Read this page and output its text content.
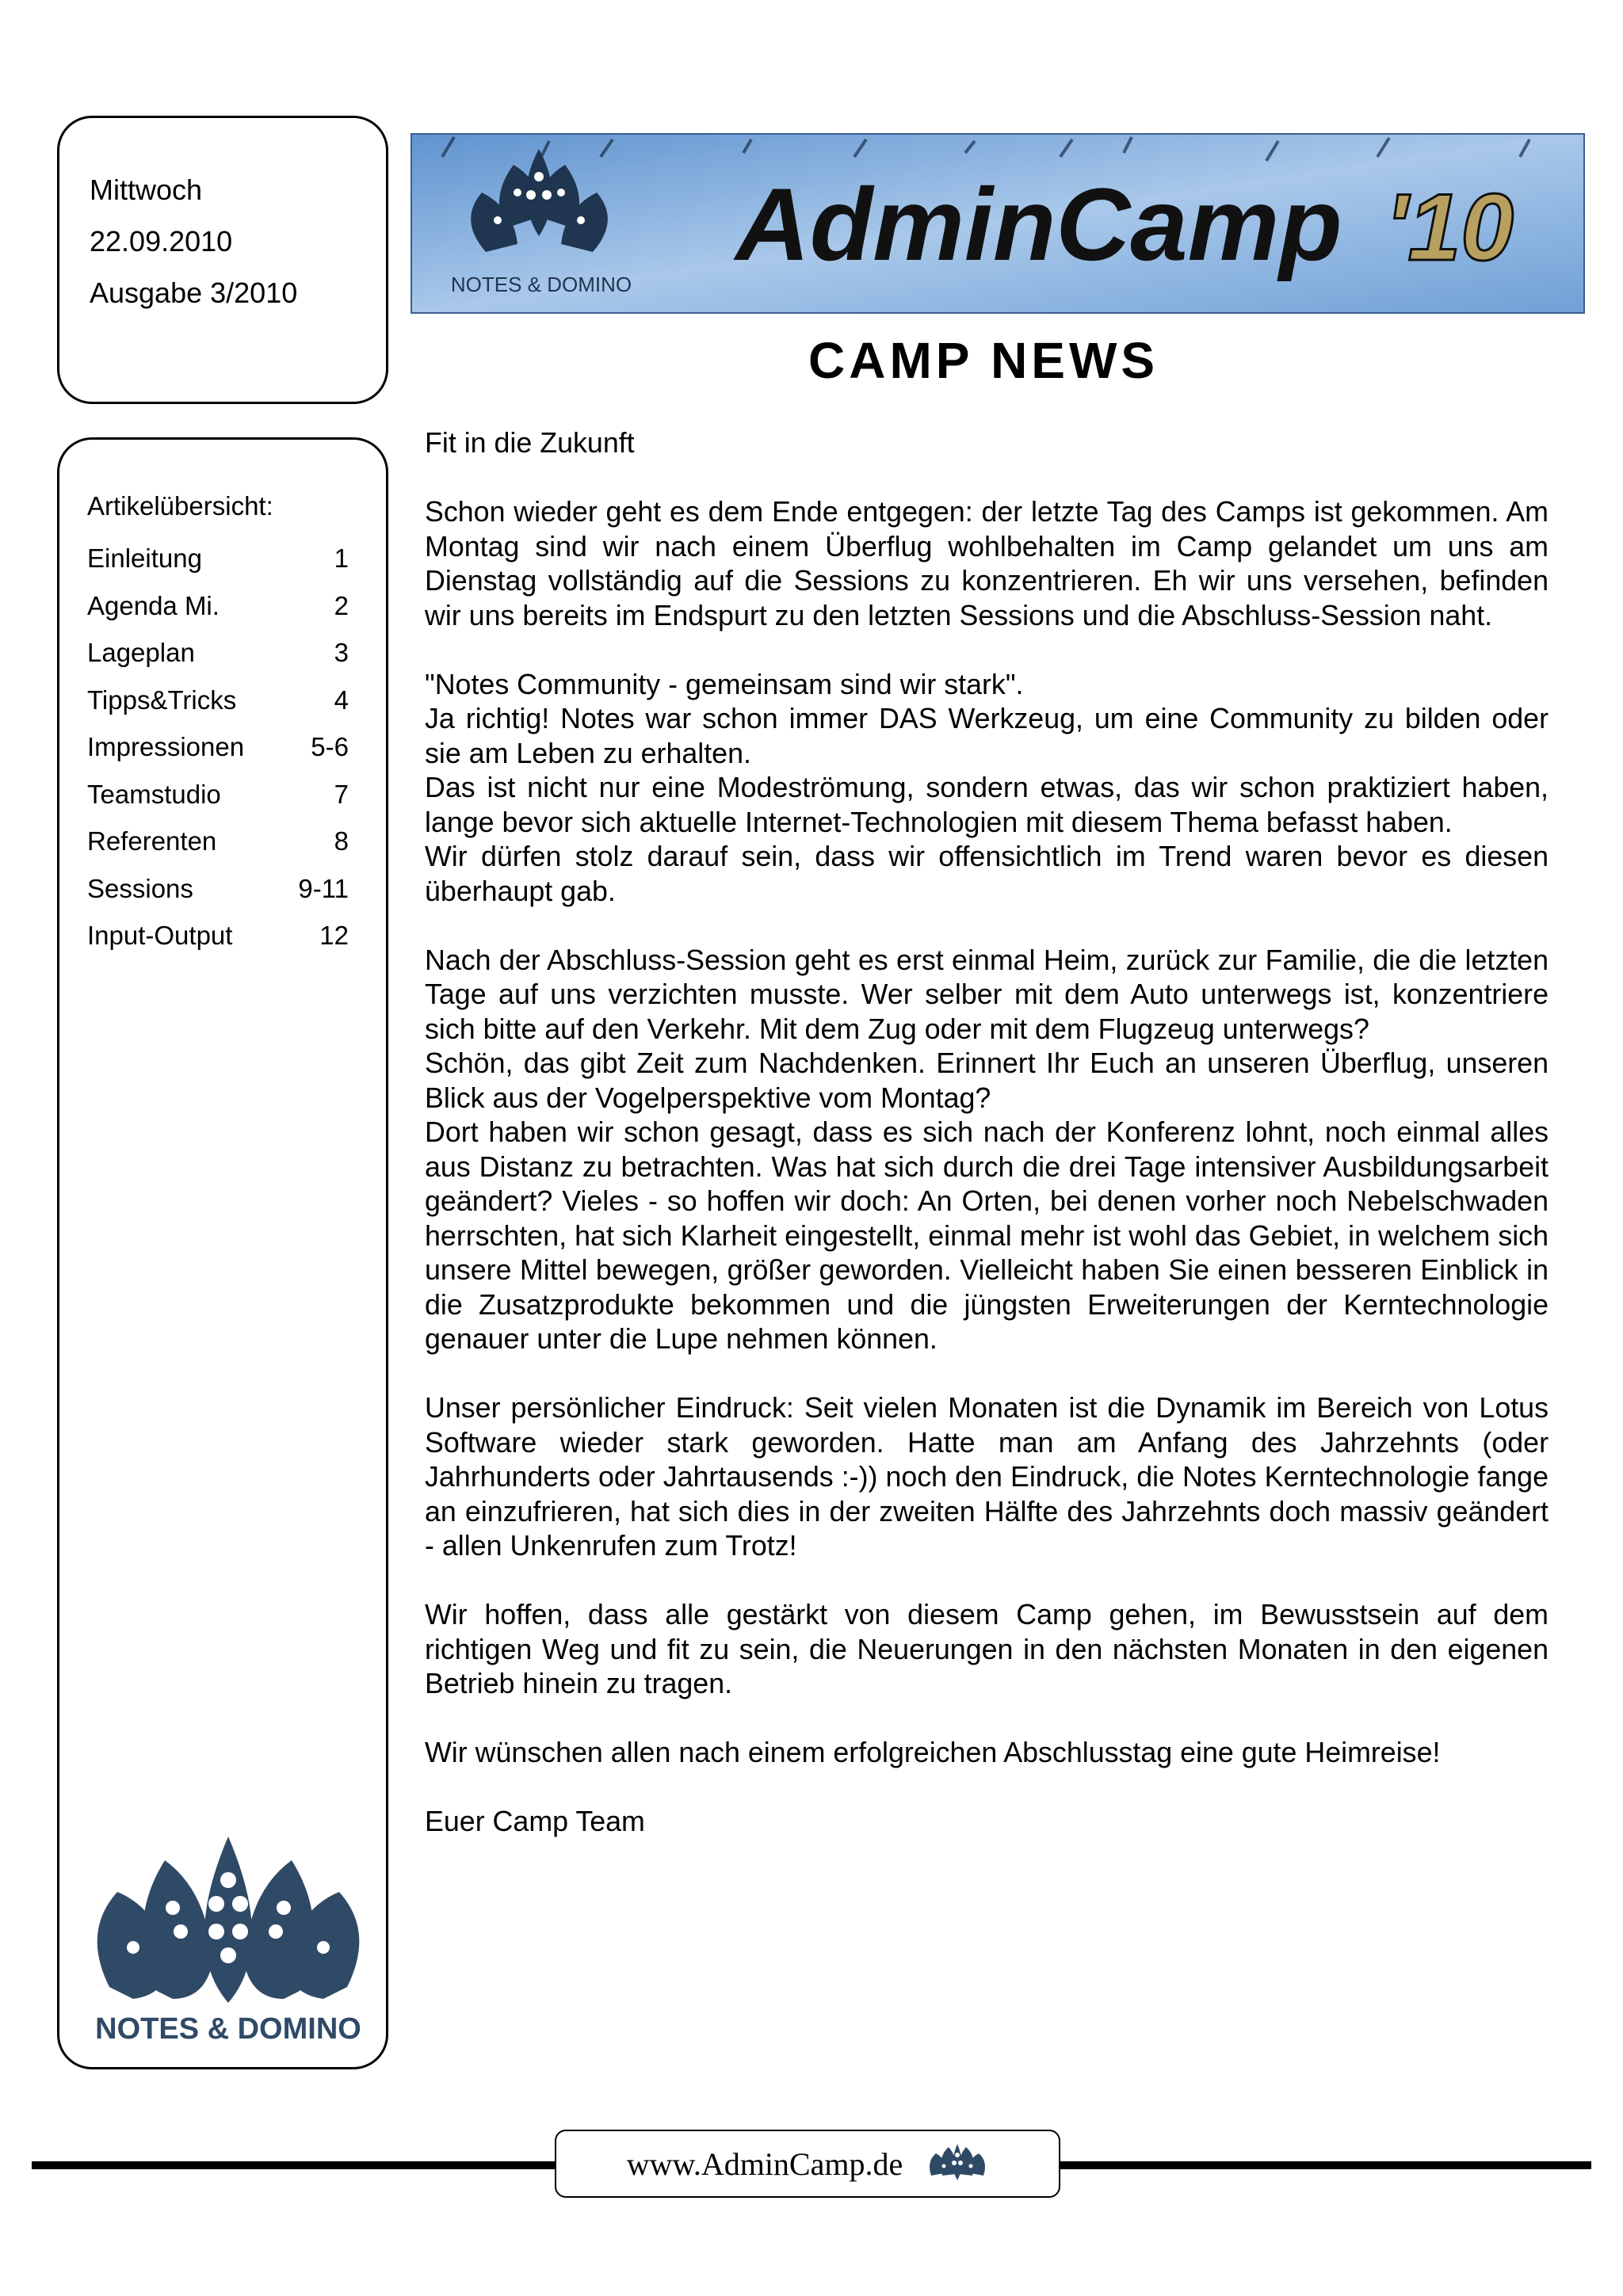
Mittwoch
22.09.2010
Ausgabe 3/2010
Artikelübersicht:
Einleitung	1
Agenda Mi.	2
Lageplan	3
Tipps&Tricks	4
Impressionen	5-6
Teamstudio	7
Referenten	8
Sessions	9-11
Input-Output	12
NOTES & DOMINO
NOTES & DOMINO
AdminCamp '10
CAMP NEWS

Fit in die Zukunft

Schon wieder geht es dem Ende entgegen: der letzte Tag des Camps ist gekommen. Am Montag sind wir nach einem Überflug wohlbehalten im Camp gelandet um uns am Dienstag vollständig auf die Sessions zu konzentrieren. Eh wir uns versehen, befinden wir uns bereits im Endspurt zu den letzten Sessions und die Abschluss-Session naht.

"Notes Community - gemeinsam sind wir stark".
Ja richtig! Notes war schon immer DAS Werkzeug, um eine Community zu bilden oder sie am Leben zu erhalten.
Das ist nicht nur eine Modeströmung, sondern etwas, das wir schon praktiziert haben, lange bevor sich aktuelle Internet-Technologien mit diesem Thema befasst haben.
Wir dürfen stolz darauf sein, dass wir offensichtlich im Trend waren bevor es diesen überhaupt gab.

Nach der Abschluss-Session geht es erst einmal Heim, zurück zur Familie, die die letzten Tage auf uns verzichten musste. Wer selber mit dem Auto unterwegs ist, konzentriere sich bitte auf den Verkehr. Mit dem Zug oder mit dem Flugzeug unterwegs?
Schön, das gibt Zeit zum Nachdenken. Erinnert Ihr Euch an unseren Überflug, unseren Blick aus der Vogelperspektive vom Montag?
Dort haben wir schon gesagt, dass es sich nach der Konferenz lohnt, noch einmal alles aus Distanz zu betrachten. Was hat sich durch die drei Tage intensiver Ausbildungsarbeit geändert? Vieles - so hoffen wir doch: An Orten, bei denen vorher noch Nebelschwaden herrschten, hat sich Klarheit eingestellt, einmal mehr ist wohl das Gebiet, in welchem sich unsere Mittel bewegen, größer geworden. Vielleicht haben Sie einen besseren Einblick in die Zusatzprodukte bekommen und die jüngsten Erweiterungen der Kerntechnologie genauer unter die Lupe nehmen können.

Unser persönlicher Eindruck: Seit vielen Monaten ist die Dynamik im Bereich von Lotus Software wieder stark geworden. Hatte man am Anfang des Jahrzehnts (oder Jahrhunderts oder Jahrtausends :-)) noch den Eindruck, die Notes Kerntechnologie fange an einzufrieren, hat sich dies in der zweiten Hälfte des Jahrzehnts doch massiv geändert - allen Unkenrufen zum Trotz!

Wir hoffen, dass alle gestärkt von diesem Camp gehen, im Bewusstsein auf dem richtigen Weg und fit zu sein, die Neuerungen in den nächsten Monaten in den eigenen Betrieb hinein zu tragen.

Wir wünschen allen nach einem erfolgreichen Abschlusstag eine gute Heimreise!

Euer Camp Team

www.AdminCamp.de
